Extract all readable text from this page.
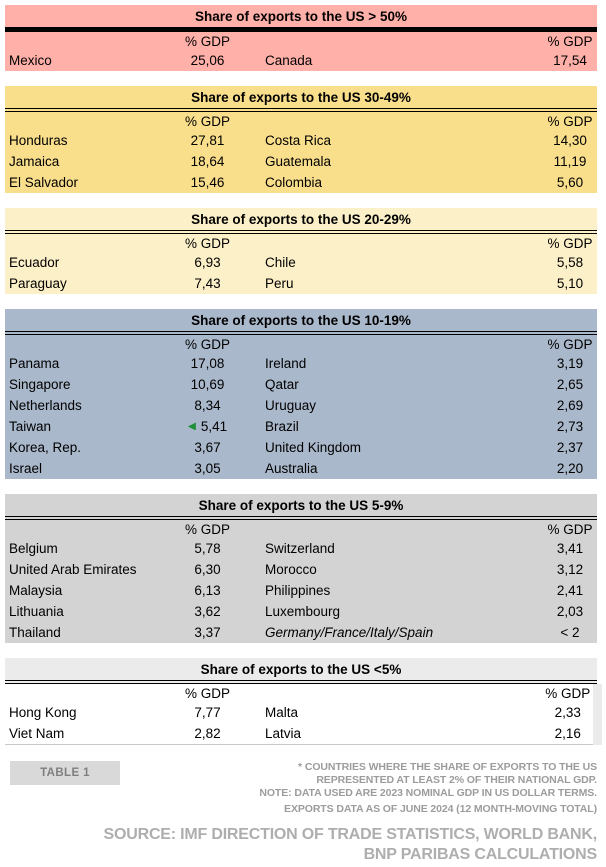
Share of exports to the US > 50%
	% GDP		% GDP
Mexico	25,06	Canada	17,54
Share of exports to the US 30-49%
	% GDP		% GDP
Honduras	27,81	Costa Rica	14,30
Jamaica	18,64	Guatemala	11,19
El Salvador	15,46	Colombia	5,60
Share of exports to the US 20-29%
	% GDP		% GDP
Ecuador	6,93	Chile	5,58
Paraguay	7,43	Peru	5,10
Share of exports to the US 10-19%
	% GDP		% GDP
Panama	17,08	Ireland	3,19
Singapore	10,69	Qatar	2,65
Netherlands	8,34	Uruguay	2,69
Taiwan	5,41	Brazil	2,73
Korea, Rep.	3,67	United Kingdom	2,37
Israel	3,05	Australia	2,20
Share of exports to the US 5-9%
	% GDP		% GDP
Belgium	5,78	Switzerland	3,41
United Arab Emirates	6,30	Morocco	3,12
Malaysia	6,13	Philippines	2,41
Lithuania	3,62	Luxembourg	2,03
Thailand	3,37	Germany/France/Italy/Spain	< 2
Share of exports to the US <5%
	% GDP		% GDP
Hong Kong	7,77	Malta	2,33
Viet Nam	2,82	Latvia	2,16
TABLE 1	* COUNTRIES WHERE THE SHARE OF EXPORTS TO THE US
REPRESENTED AT LEAST 2% OF THEIR NATIONAL GDP.
NOTE: DATA USED ARE 2023 NOMINAL GDP IN US DOLLAR TERMS.
EXPORTS DATA AS OF JUNE 2024 (12 MONTH-MOVING TOTAL)
SOURCE: IMF DIRECTION OF TRADE STATISTICS, WORLD BANK,
BNP PARIBAS CALCULATIONS
